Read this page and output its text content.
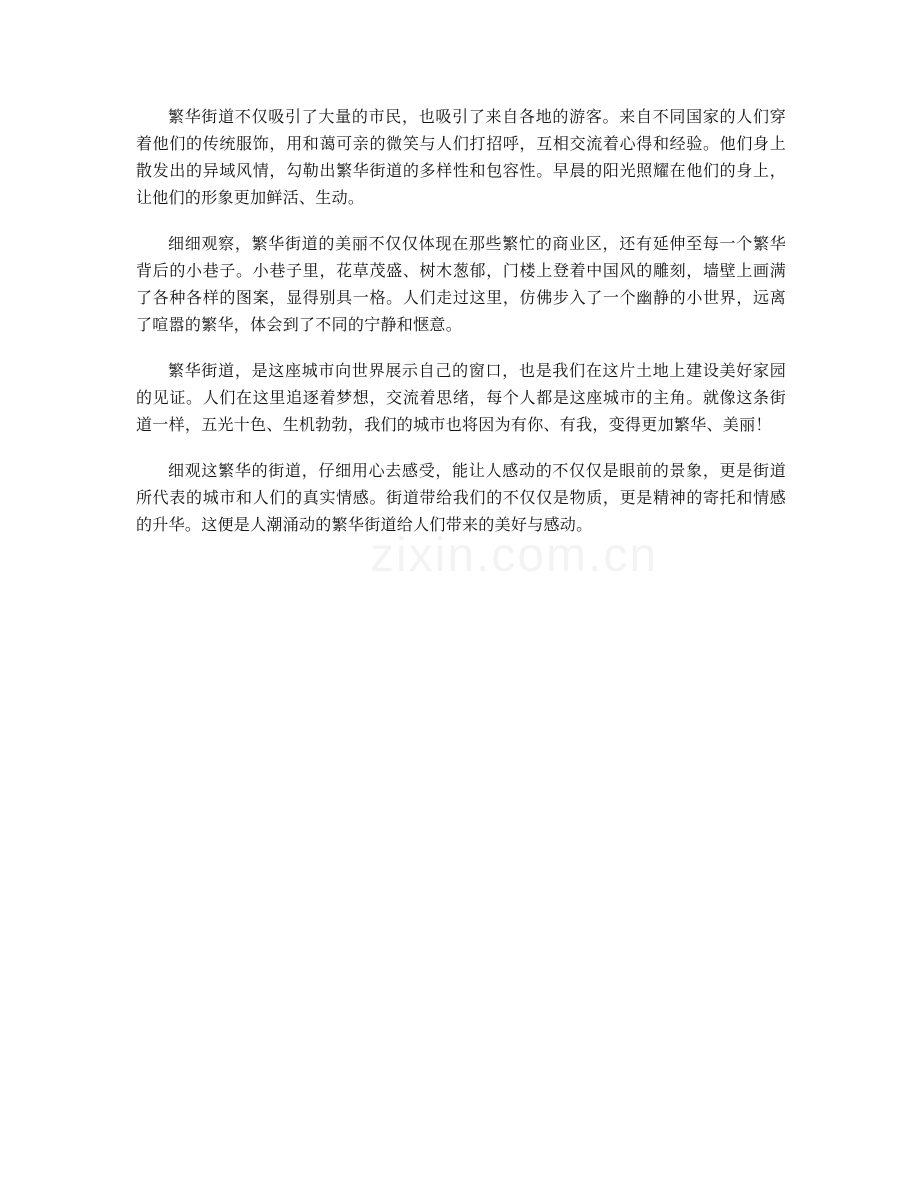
繁华街道不仅吸引了大量的市民，也吸引了来自各地的游客。来自不同国家的人们穿着他们的传统服饰，用和蔼可亲的微笑与人们打招呼，互相交流着心得和经验。他们身上散发出的异域风情，勾勒出繁华街道的多样性和包容性。早晨的阳光照耀在他们的身上，让他们的形象更加鲜活、生动。

细细观察，繁华街道的美丽不仅仅体现在那些繁忙的商业区，还有延伸至每一个繁华背后的小巷子。小巷子里，花草茂盛、树木葱郁，门楼上登着中国风的雕刻，墙壁上画满了各种各样的图案，显得别具一格。人们走过这里，仿佛步入了一个幽静的小世界，远离了喧嚣的繁华，体会到了不同的宁静和惬意。

繁华街道，是这座城市向世界展示自己的窗口，也是我们在这片土地上建设美好家园的见证。人们在这里追逐着梦想，交流着思绪，每个人都是这座城市的主角。就像这条街道一样，五光十色、生机勃勃，我们的城市也将因为有你、有我，变得更加繁华、美丽！

细观这繁华的街道，仔细用心去感受，能让人感动的不仅仅是眼前的景象，更是街道所代表的城市和人们的真实情感。街道带给我们的不仅仅是物质，更是精神的寄托和情感的升华。这便是人潮涌动的繁华街道给人们带来的美好与感动。
